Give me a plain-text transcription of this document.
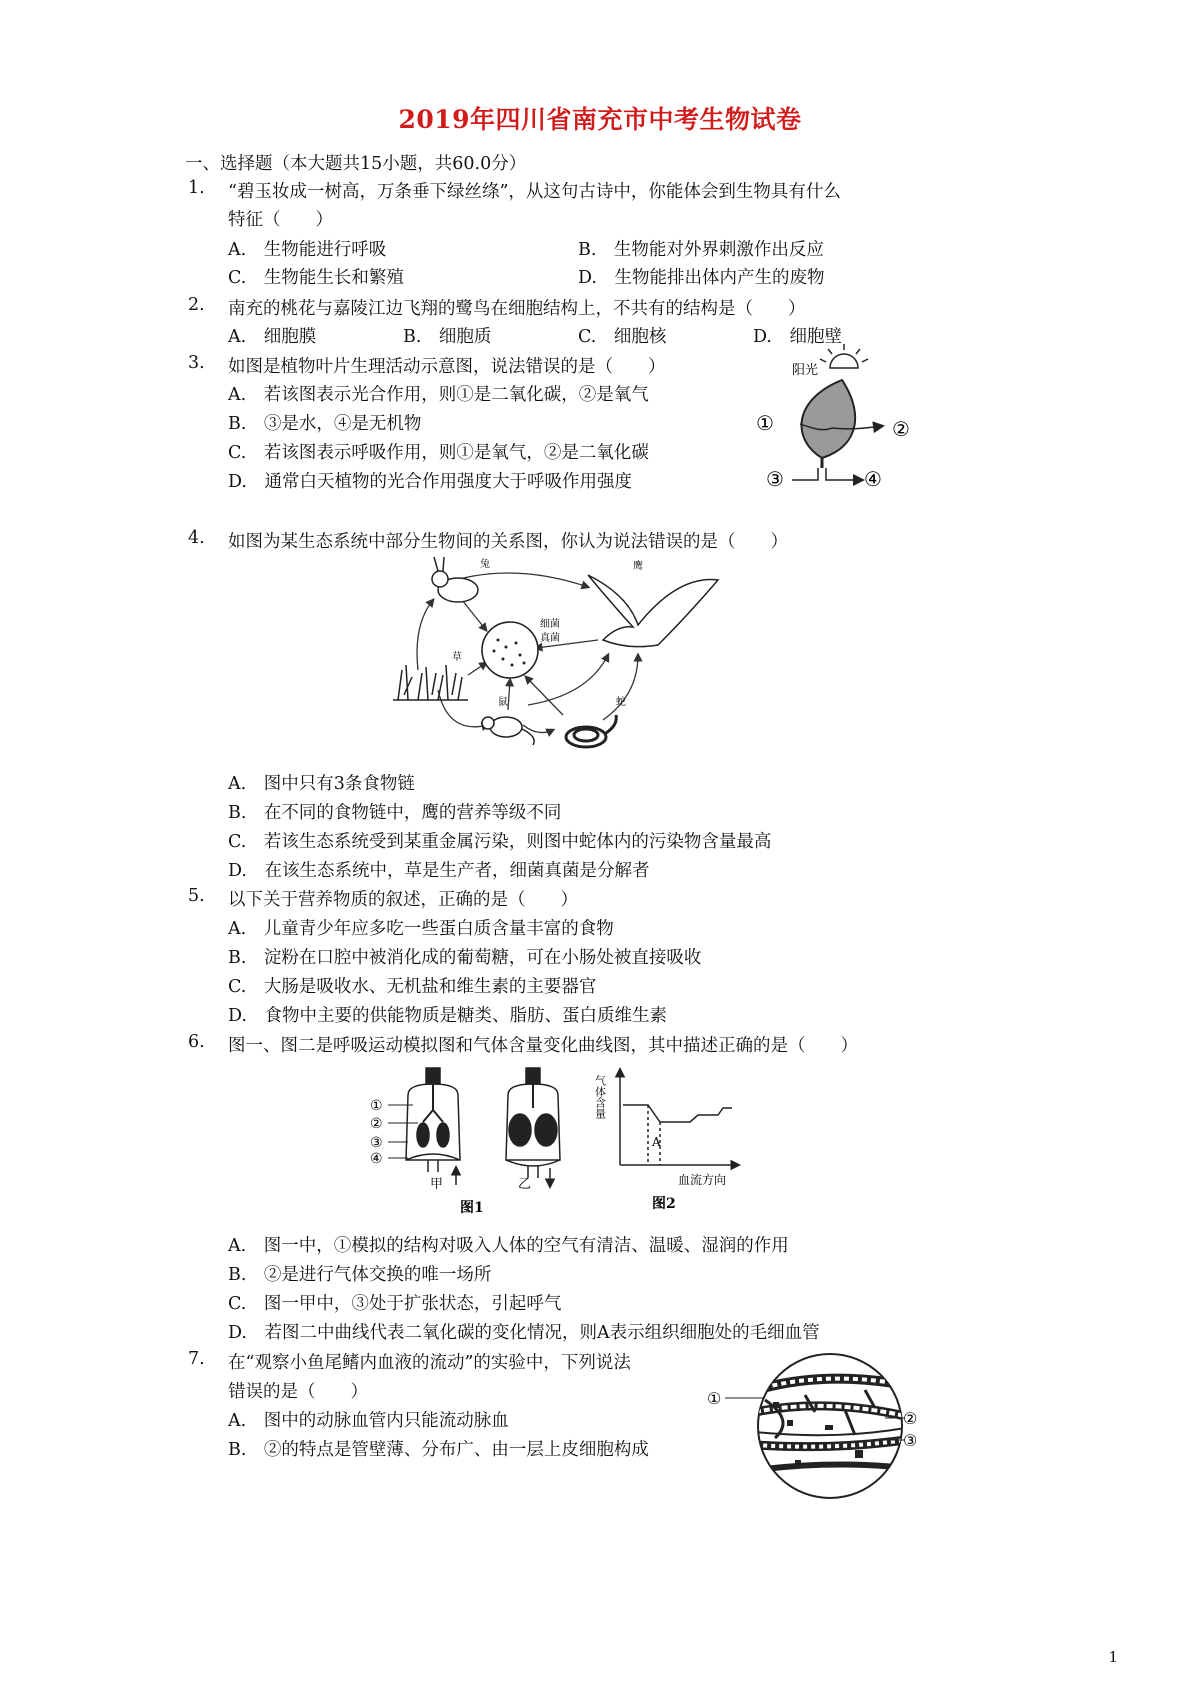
2019年四川省南充市中考生物试卷
一、选择题（本大题共15小题，共60.0分）
1. “碧玉妆成一树高，万条垂下绿丝绦”，从这句古诗中，你能体会到生物具有什么
特征（　　）
A.　生物能进行呼吸	B.　生物能对外界刺激作出反应
C.　生物能生长和繁殖	D.　生物能排出体内产生的废物
2. 南充的桃花与嘉陵江边飞翔的鹭鸟在细胞结构上，不共有的结构是（　　）
A.　细胞膜	B.　细胞质	C.　细胞核	D.　细胞壁
3. 如图是植物叶片生理活动示意图，说法错误的是（　　）
A.　若该图表示光合作用，则①是二氧化碳，②是氧气
B.　③是水，④是无机物
C.　若该图表示呼吸作用，则①是氧气，②是二氧化碳
D.　通常白天植物的光合作用强度大于呼吸作用强度
阳光
①	②
③	④
4. 如图为某生态系统中部分生物间的关系图，你认为说法错误的是（　　）
兔	鹰
细菌
真菌
草
鼠	蛇
A.　图中只有3条食物链
B.　在不同的食物链中，鹰的营养等级不同
C.　若该生态系统受到某重金属污染，则图中蛇体内的污染物含量最高
D.　在该生态系统中，草是生产者，细菌真菌是分解者
5. 以下关于营养物质的叙述，正确的是（　　）
A.　儿童青少年应多吃一些蛋白质含量丰富的食物
B.　淀粉在口腔中被消化成的葡萄糖，可在小肠处被直接吸收
C.　大肠是吸收水、无机盐和维生素的主要器官
D.　食物中主要的供能物质是糖类、脂肪、蛋白质维生素
6. 图一、图二是呼吸运动模拟图和气体含量变化曲线图，其中描述正确的是（　　）
①
②
③
④
甲	乙
图1
气体含量
A
血流方向
图2
A.　图一中，①模拟的结构对吸入人体的空气有清洁、温暖、湿润的作用
B.　②是进行气体交换的唯一场所
C.　图一甲中，③处于扩张状态，引起呼气
D.　若图二中曲线代表二氧化碳的变化情况，则A表示组织细胞处的毛细血管
7. 在“观察小鱼尾鳍内血液的流动”的实验中，下列说法
错误的是（　　）
A.　图中的动脉血管内只能流动脉血
B.　②的特点是管壁薄、分布广、由一层上皮细胞构成
①
②
③
1
